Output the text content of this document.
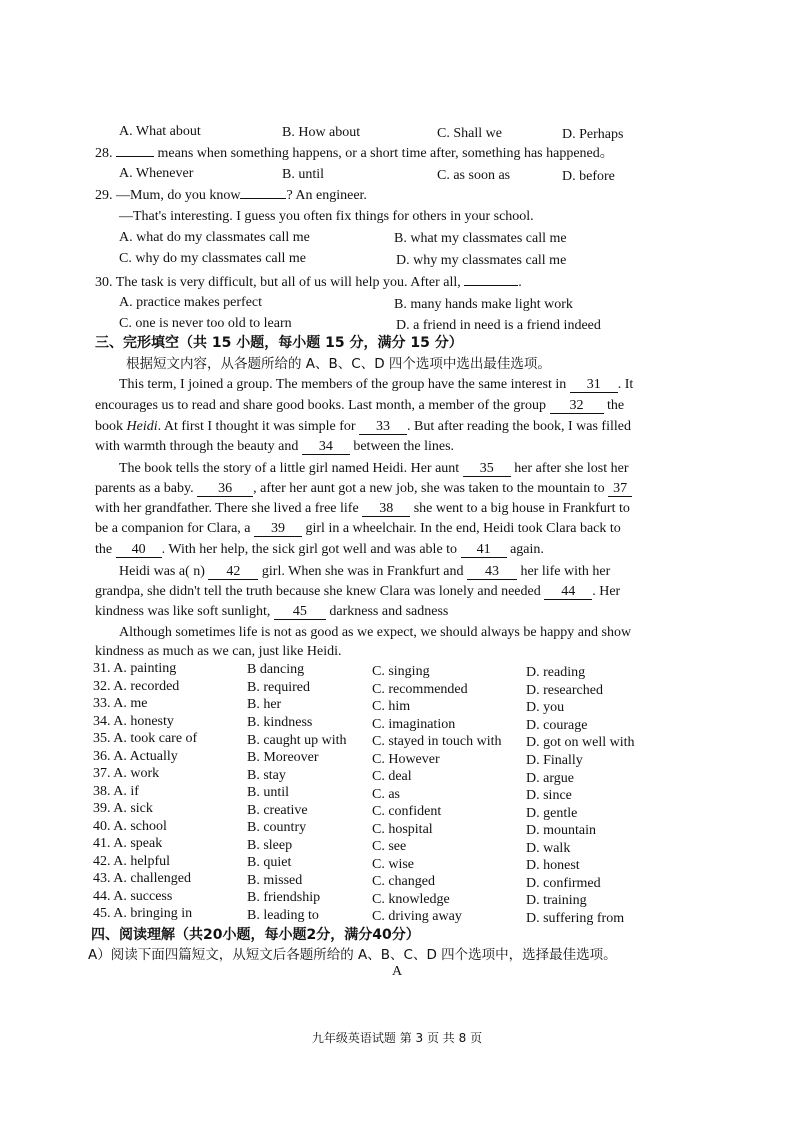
A. What about	B. How about	C. Shall we	D. Perhaps
28.	means when something happens, or a short time after, something has happened。
A. Whenever	B. until	C. as soon as	D. before
29. —Mum, do you know	? An engineer.
—That's interesting. I guess you often fix things for others in your school.
A. what do my classmates call me	B. what my classmates call me
C. why do my classmates call me	D. why my classmates call me
30. The task is very difficult, but all of us will help you. After all,	.
A. practice makes perfect	B. many hands make light work
C. one is never too old to learn	D. a friend in need is a friend indeed
三、完形填空（共 15 小题，每小题 15 分，满分 15 分）
根据短文内容，从各题所给的 A、B、C、D 四个选项中选出最佳选项。
This term, I joined a group. The members of the group have the same interest in 31 . It
encourages us to read and share good books. Last month, a member of the group 32 the
book Heidi. At first I thought it was simple for 33 . But after reading the book, I was filled
with warmth through the beauty and 34 between the lines.
The book tells the story of a little girl named Heidi. Her aunt 35 her after she lost her
parents as a baby. 36 , after her aunt got a new job, she was taken to the mountain to 37
with her grandfather. There she lived a free life 38 she went to a big house in Frankfurt to
be a companion for Clara, a 39 girl in a wheelchair. In the end, Heidi took Clara back to
the 40 . With her help, the sick girl got well and was able to 41 again.
Heidi was a( n) 42 girl. When she was in Frankfurt and 43 her life with her
grandpa, she didn't tell the truth because she knew Clara was lonely and needed 44 . Her
kindness was like soft sunlight, 45 darkness and sadness
Although sometimes life is not as good as we expect, we should always be happy and show
kindness as much as we can, just like Heidi.
31. A. painting	B dancing	C. singing	D. reading
32. A. recorded	B. required	C. recommended	D. researched
33. A. me	B. her	C. him	D. you
34. A. honesty	B. kindness	C. imagination	D. courage
35. A. took care of	B. caught up with C. stayed in touch with D. got on well with
36. A. Actually	B. Moreover	C. However	D. Finally
37. A. work	B. stay	C. deal	D. argue
38. A. if	B. until	C. as	D. since
39. A. sick	B. creative	C. confident	D. gentle
40. A. school	B. country	C. hospital	D. mountain
41. A. speak	B. sleep	C. see	D. walk
42. A. helpful	B. quiet	C. wise	D. honest
43. A. challenged	B. missed	C. changed	D. confirmed
44. A. success	B. friendship	C. knowledge	D. training
45. A. bringing in	B. leading to	C. driving away	D. suffering from
四、阅读理解（共20小题，每小题2分，满分40分）
A）阅读下面四篇短文，从短文后各题所给的 A、B、C、D 四个选项中，选择最佳选项。
A
九年级英语试题 第 3 页 共 8 页
